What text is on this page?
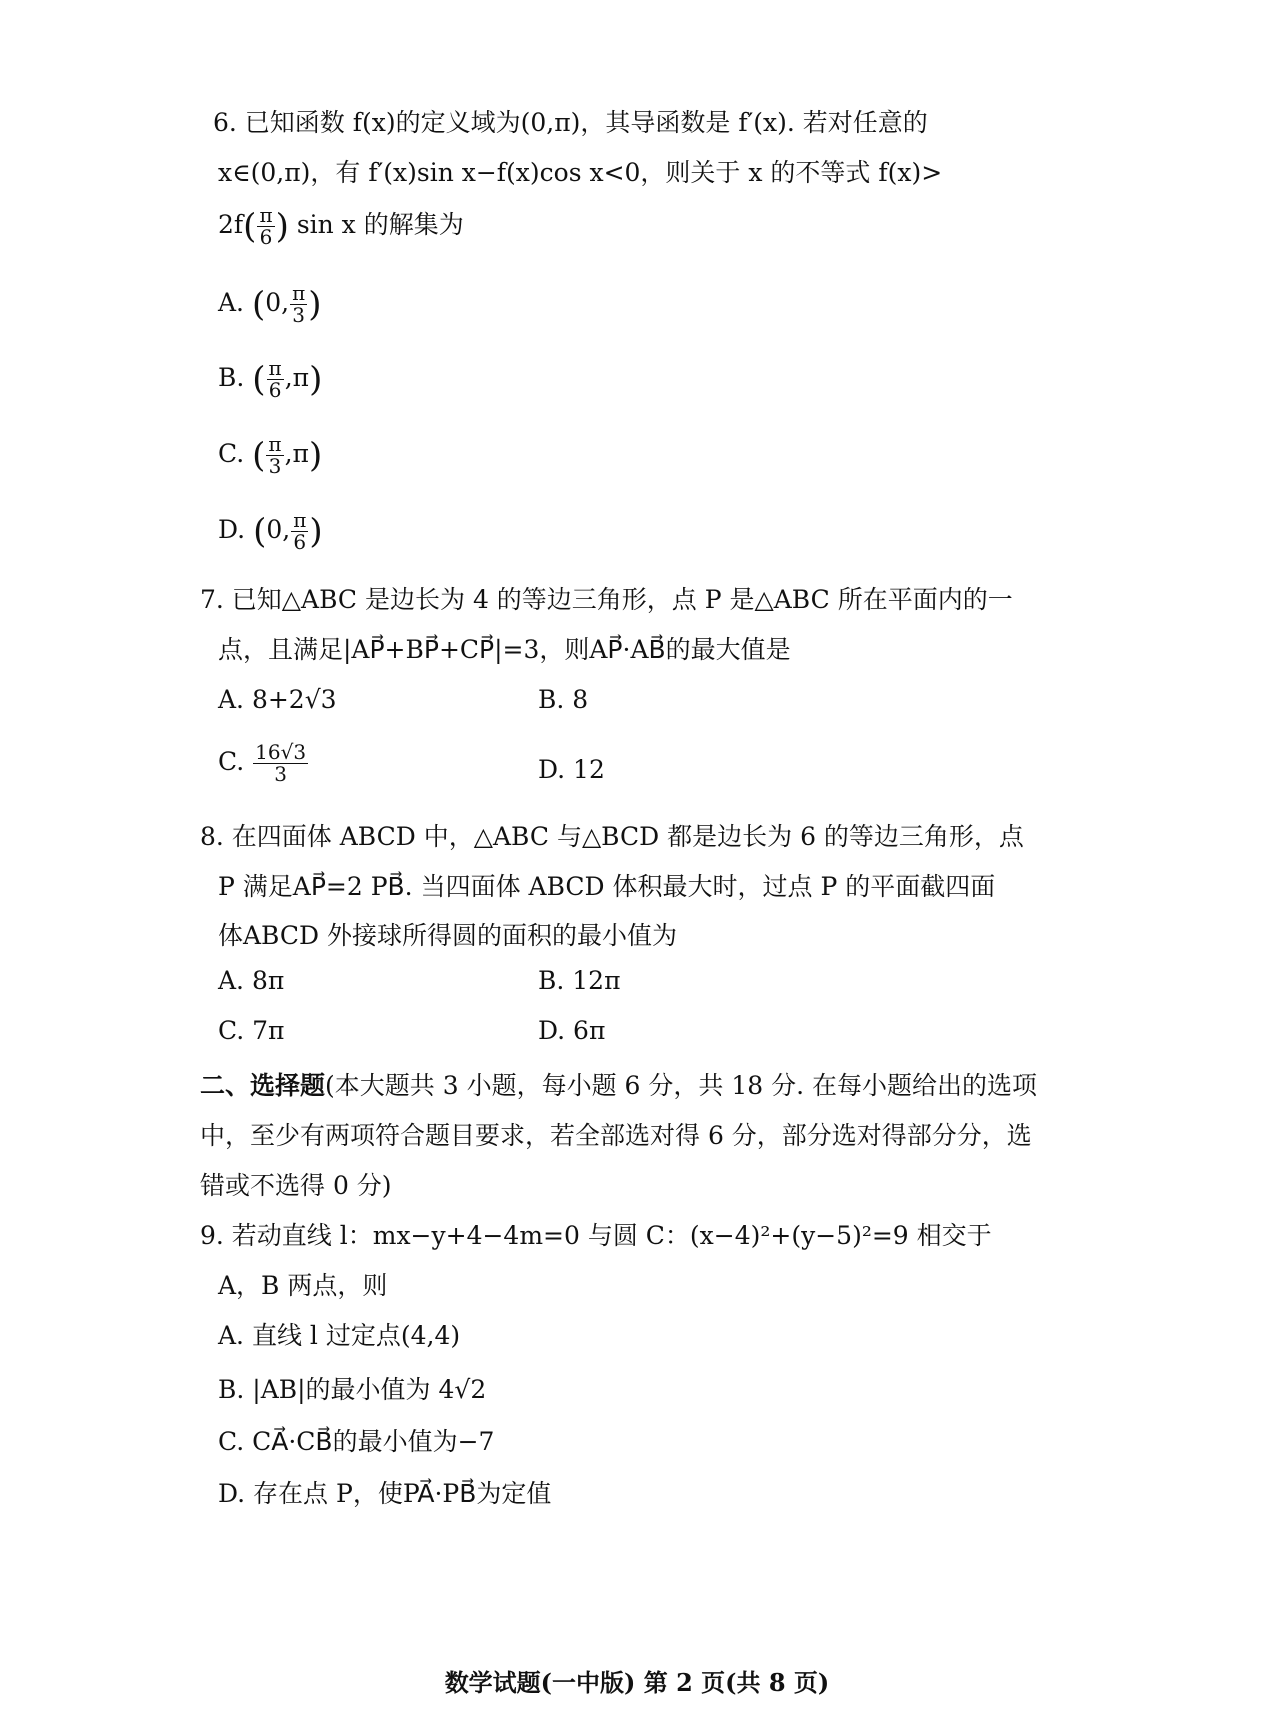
6. 已知函数 f(x)的定义域为(0,π)，其导函数是 f′(x). 若对任意的
x∈(0,π)，有 f′(x)sin x−f(x)cos x<0，则关于 x 的不等式 f(x)>
$2f( \frac{\pi}{6}$ ) sin x 的解集为
A. (0, $\frac{\pi}{3}$ )
B. ( $\frac{\pi}{6} ,\pi$)
C. ( $\frac{\pi}{3} ,\pi$)
D. (0, $\frac{\pi}{6}$ )
7. 已知△ABC 是边长为 4 的等边三角形，点 P 是△ABC 所在平面内的一
点，且满足|AP⃗+BP⃗+CP⃗|=3，则AP⃗·AB⃗的最大值是
A. 8+2√3	B. 8
C. $\frac{16√3}{3}$	D. 12
8. 在四面体 ABCD 中，△ABC 与△BCD 都是边长为 6 的等边三角形，点
P 满足AP⃗=2 PB⃗. 当四面体 ABCD 体积最大时，过点 P 的平面截四面
体ABCD 外接球所得圆的面积的最小值为
A. 8π	B. 12π
C. 7π	D. 6π
二、选择题(本大题共 3 小题，每小题 6 分，共 18 分. 在每小题给出的选项
中，至少有两项符合题目要求，若全部选对得 6 分，部分选对得部分分，选
错或不选得 0 分)
9. 若动直线 l：mx−y+4−4m=0 与圆 C：(x−4)²+(y−5)²=9 相交于
A，B 两点，则
A. 直线 l 过定点(4,4)
B. |AB|的最小值为 4√2
C. CA⃗·CB⃗的最小值为−7
D. 存在点 P，使PA⃗·PB⃗为定值
数学试题(一中版) 第 2 页(共 8 页)
